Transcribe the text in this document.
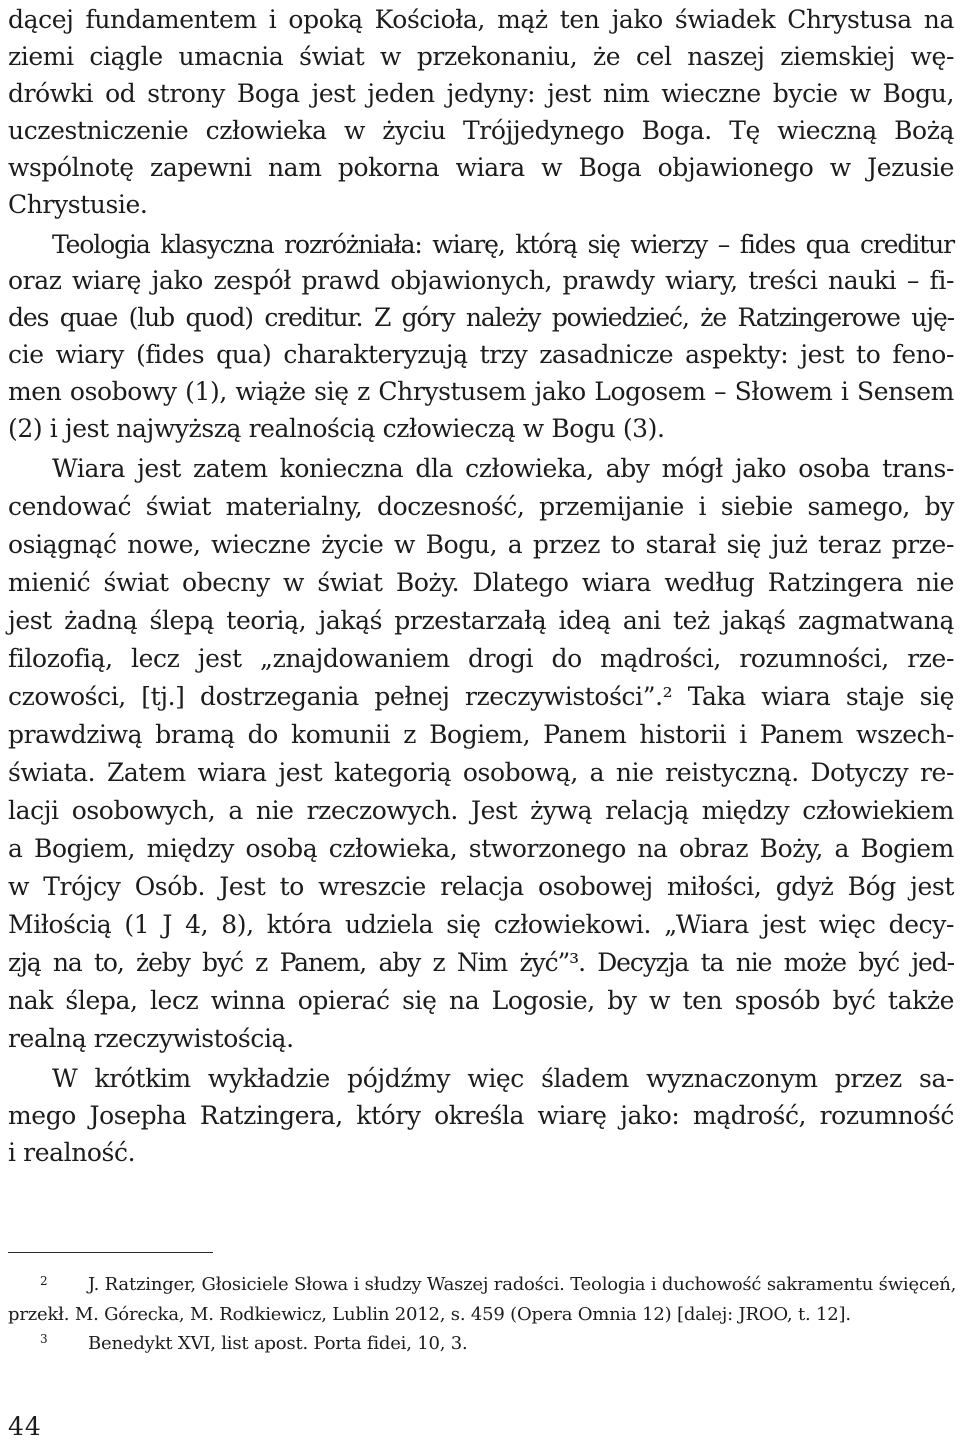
dącej fundamentem i opoką Kościoła, mąż ten jako świadek Chrystusa na
ziemi ciągle umacnia świat w przekonaniu, że cel naszej ziemskiej wę-
drówki od strony Boga jest jeden jedyny: jest nim wieczne bycie w Bogu,
uczestniczenie człowieka w życiu Trójjedynego Boga. Tę wieczną Bożą
wspólnotę zapewni nam pokorna wiara w Boga objawionego w Jezusie
Chrystusie.
Teologia klasyczna rozróżniała: wiarę, którą się wierzy – fides qua creditur
oraz wiarę jako zespół prawd objawionych, prawdy wiary, treści nauki – fi-
des quae (lub quod) creditur. Z góry należy powiedzieć, że Ratzingerowe uję-
cie wiary (fides qua) charakteryzują trzy zasadnicze aspekty: jest to feno-
men osobowy (1), wiąże się z Chrystusem jako Logosem – Słowem i Sensem
(2) i jest najwyższą realnością człowieczą w Bogu (3).
Wiara jest zatem konieczna dla człowieka, aby mógł jako osoba trans-
cendować świat materialny, doczesność, przemijanie i siebie samego, by
osiągnąć nowe, wieczne życie w Bogu, a przez to starał się już teraz prze-
mienić świat obecny w świat Boży. Dlatego wiara według Ratzingera nie
jest żadną ślepą teorią, jakąś przestarzałą ideą ani też jakąś zagmatwaną
filozofią, lecz jest „znajdowaniem drogi do mądrości, rozumności, rze-
czowości, [tj.] dostrzegania pełnej rzeczywistości”.² Taka wiara staje się
prawdziwą bramą do komunii z Bogiem, Panem historii i Panem wszech-
świata. Zatem wiara jest kategorią osobową, a nie reistyczną. Dotyczy re-
lacji osobowych, a nie rzeczowych. Jest żywą relacją między człowiekiem
a Bogiem, między osobą człowieka, stworzonego na obraz Boży, a Bogiem
w Trójcy Osób. Jest to wreszcie relacja osobowej miłości, gdyż Bóg jest
Miłością (1 J 4, 8), która udziela się człowiekowi. „Wiara jest więc decy-
zją na to, żeby być z Panem, aby z Nim żyć”³. Decyzja ta nie może być jed-
nak ślepa, lecz winna opierać się na Logosie, by w ten sposób być także
realną rzeczywistością.
W krótkim wykładzie pójdźmy więc śladem wyznaczonym przez sa-
mego Josepha Ratzingera, który określa wiarę jako: mądrość, rozumność
i realność.
2 J. Ratzinger, Głosiciele Słowa i słudzy Waszej radości. Teologia i duchowość sakramentu święceń,
przekł. M. Górecka, M. Rodkiewicz, Lublin 2012, s. 459 (Opera Omnia 12) [dalej: JROO, t. 12].
3 Benedykt XVI, list apost. Porta fidei, 10, 3.
44
